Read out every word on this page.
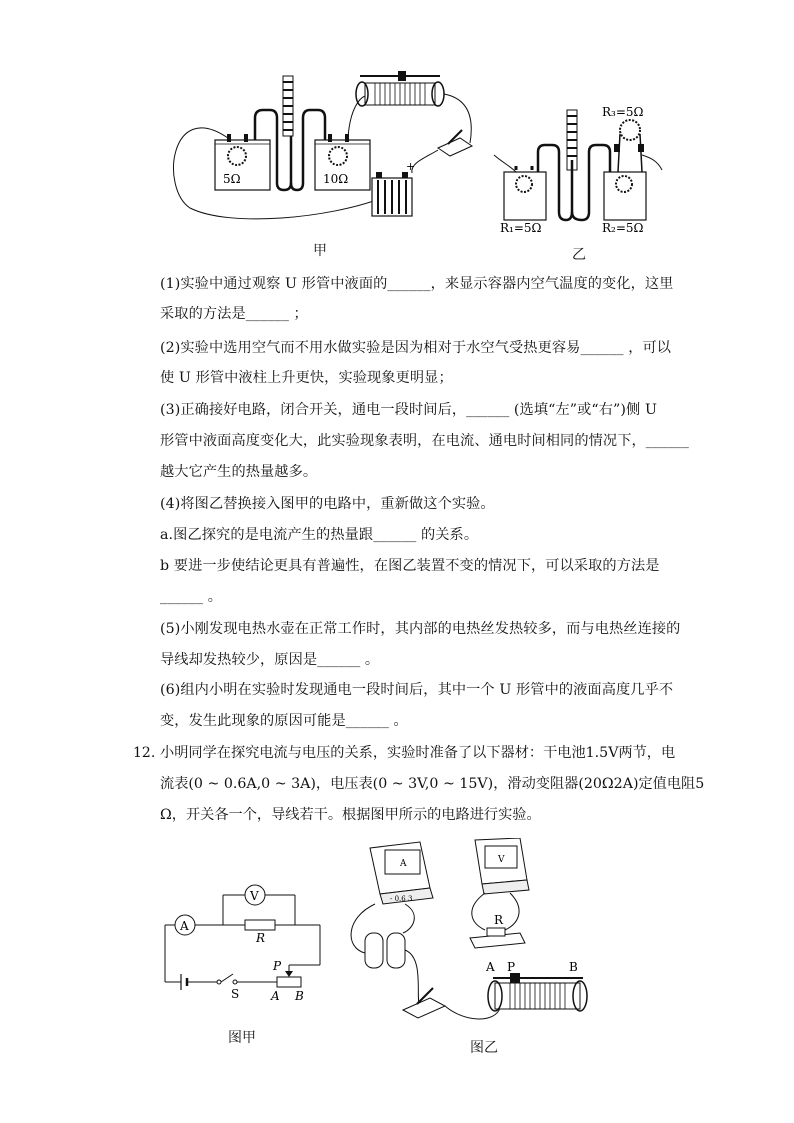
+
5Ω	10Ω
甲
R₃=5Ω
R₁=5Ω	R₂=5Ω
乙
(1)实验中通过观察 U 形管中液面的______，来显示容器内空气温度的变化，这里
采取的方法是______ ；
(2)实验中选用空气而不用水做实验是因为相对于水空气受热更容易______ ，可以
使 U 形管中液柱上升更快，实验现象更明显；
(3)正确接好电路，闭合开关，通电一段时间后，______ (选填“左”或“右”)侧 U
形管中液面高度变化大，此实验现象表明，在电流、通电时间相同的情况下，______
越大它产生的热量越多。
(4)将图乙替换接入图甲的电路中，重新做这个实验。
a.图乙探究的是电流产生的热量跟______ 的关系。
b 要进一步使结论更具有普遍性，在图乙装置不变的情况下，可以采取的方法是
______ 。
(5)小刚发现电热水壶在正常工作时，其内部的电热丝发热较多，而与电热丝连接的
导线却发热较少，原因是______ 。
(6)组内小明在实验时发现通电一段时间后，其中一个 U 形管中的液面高度几乎不
变，发生此现象的原因可能是______ 。
12. 小明同学在探究电流与电压的关系，实验时准备了以下器材：干电池1.5V两节，电
流表(0 ~ 0.6A,0 ~ 3A)，电压表(0 ~ 3V,0 ~ 15V)，滑动变阻器(20Ω2A)定值电阻5
Ω，开关各一个，导线若干。根据图甲所示的电路进行实验。
A
R
V
P
S	A B
图甲
A
- 0.6 3
V
R
A P	B
图乙
